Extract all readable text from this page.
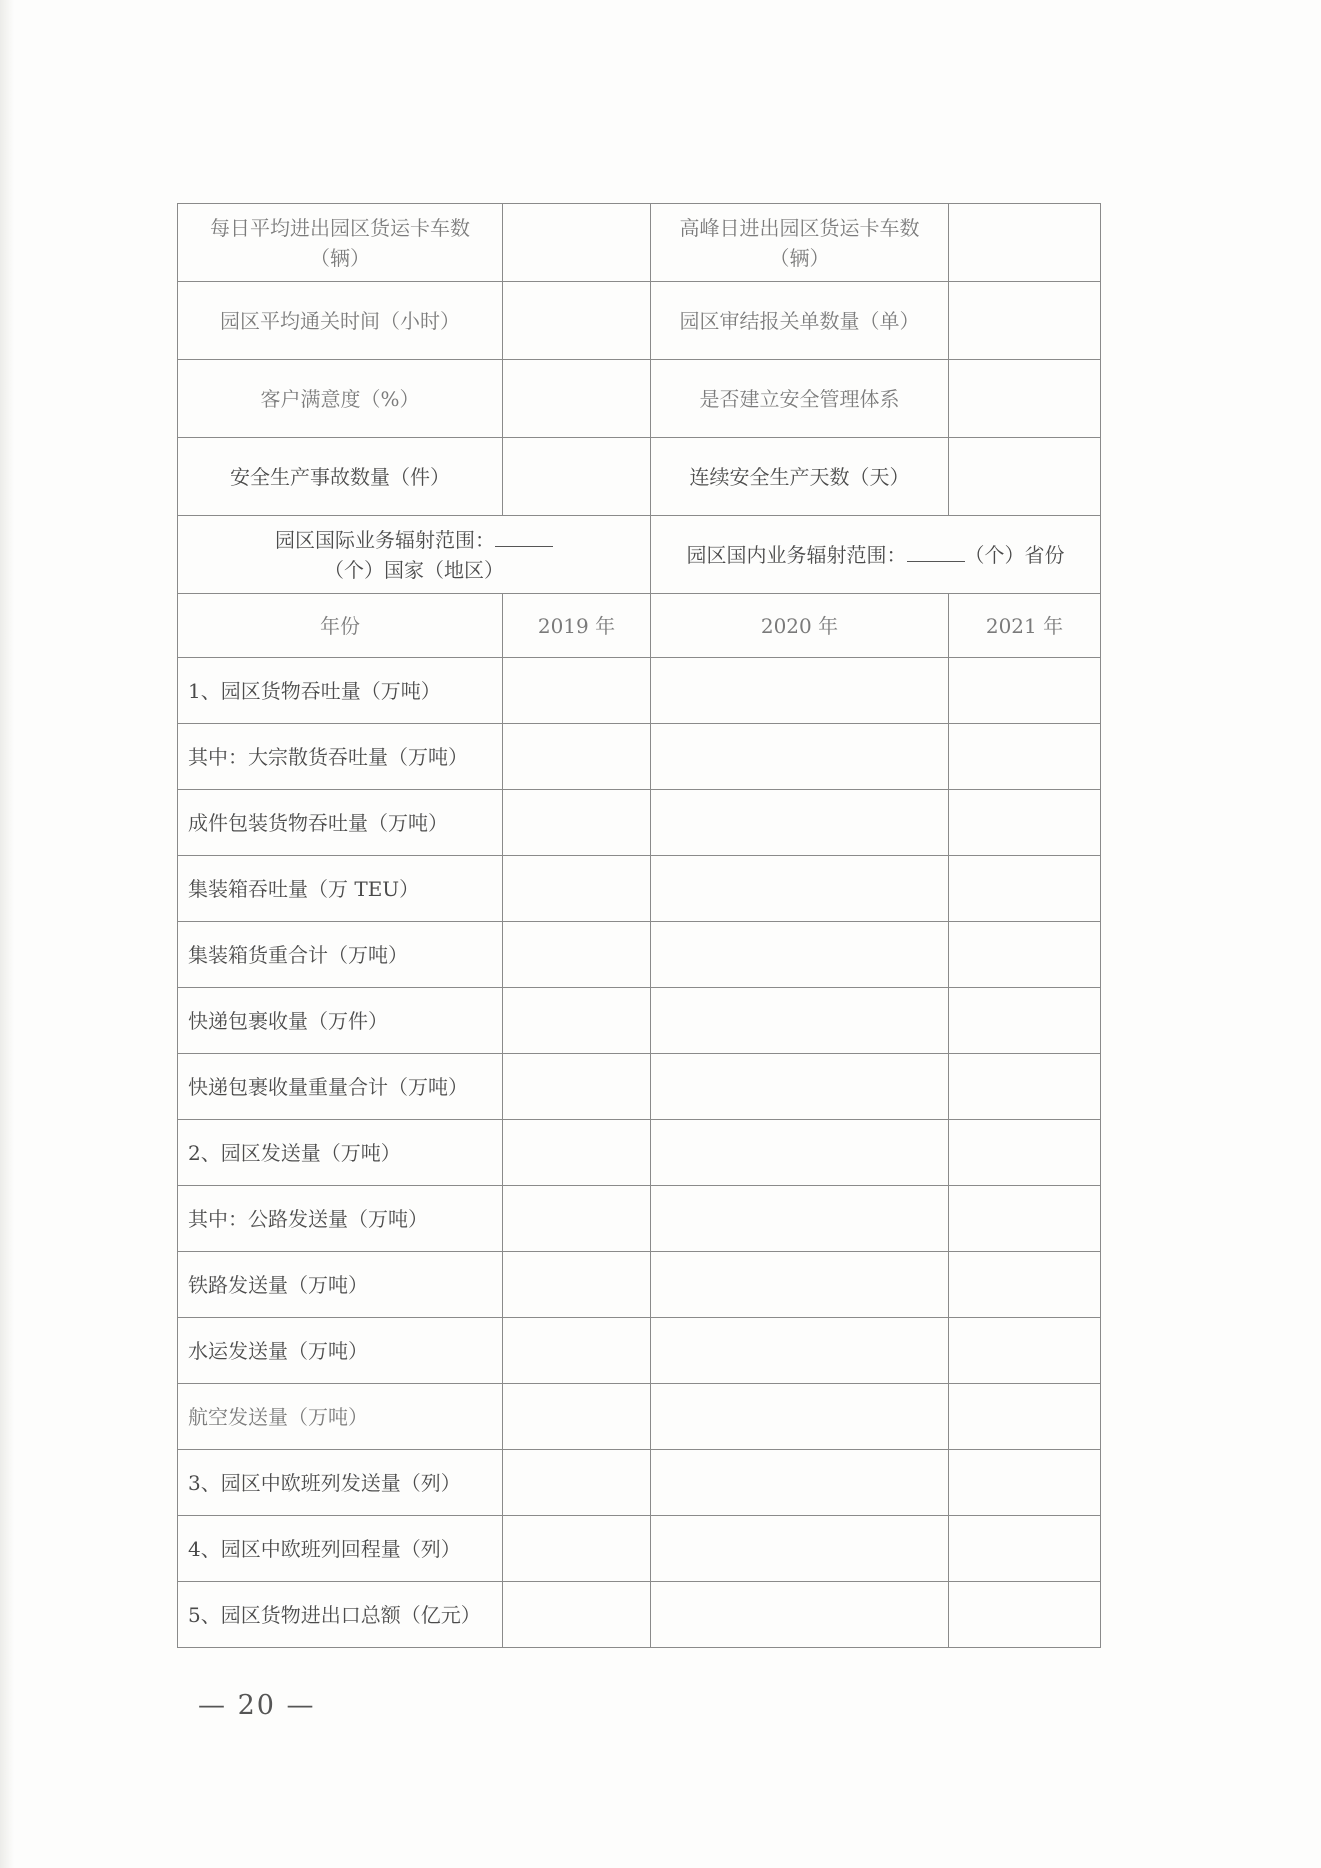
每日平均进出园区货运卡车数（辆）		高峰日进出园区货运卡车数（辆）	
园区平均通关时间（小时）		园区审结报关单数量（单）	
客户满意度（%）		是否建立安全管理体系	
安全生产事故数量（件）		连续安全生产天数（天）	
园区国际业务辐射范围：（个）国家（地区）		园区国内业务辐射范围： （个）省份	
年份	2019 年	2020 年	2021 年
1、园区货物吞吐量（万吨）			
其中：大宗散货吞吐量（万吨）			
成件包装货物吞吐量（万吨）			
集装箱吞吐量（万 TEU）			
集装箱货重合计（万吨）			
快递包裹收量（万件）			
快递包裹收量重量合计（万吨）			
2、园区发送量（万吨）			
其中：公路发送量（万吨）			
铁路发送量（万吨）			
水运发送量（万吨）			
航空发送量（万吨）			
3、园区中欧班列发送量（列）			
4、园区中欧班列回程量（列）			
5、园区货物进出口总额（亿元）			
— 20 —
